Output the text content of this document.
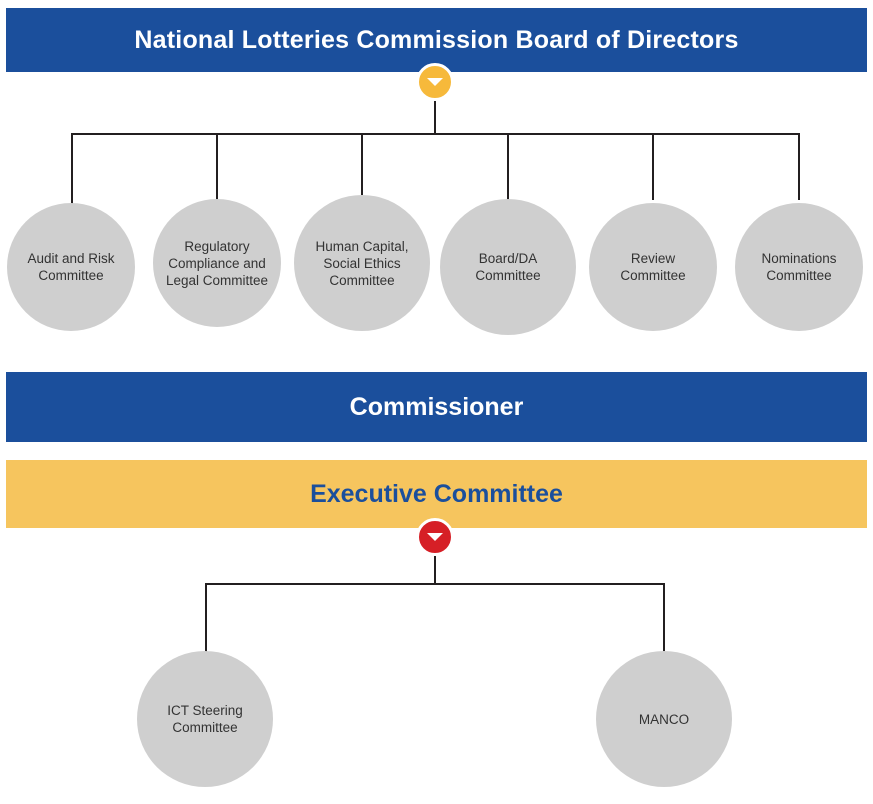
National Lotteries Commission Board of Directors
Audit and Risk Committee
Regulatory Compliance and Legal Committee
Human Capital, Social Ethics Committee
Board/DA Committee
Review Committee
Nominations Committee
Commissioner
Executive Committee
ICT Steering Committee
MANCO
